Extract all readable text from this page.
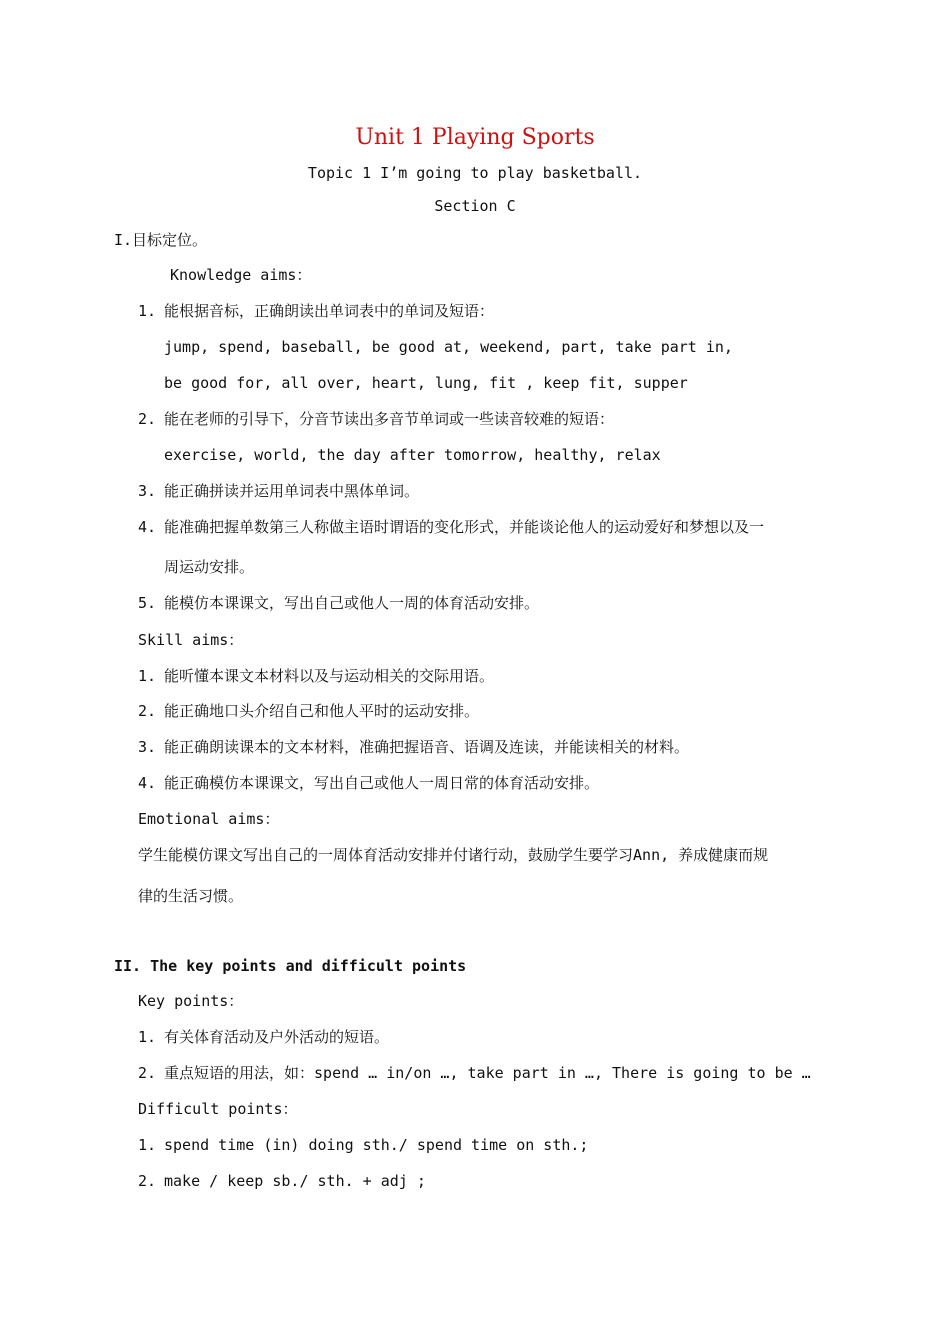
Unit 1 Playing Sports
Topic 1 I’m going to play basketball.
Section C
I.目标定位。
Knowledge aims：
1. 能根据音标，正确朗读出单词表中的单词及短语：
jump, spend, baseball, be good at, weekend, part, take part in,
be good for, all over, heart, lung, fit , keep fit, supper
2. 能在老师的引导下，分音节读出多音节单词或一些读音较难的短语：
exercise, world, the day after tomorrow, healthy, relax
3. 能正确拼读并运用单词表中黑体单词。
4. 能准确把握单数第三人称做主语时谓语的变化形式，并能谈论他人的运动爱好和梦想以及一
周运动安排。
5. 能模仿本课课文，写出自己或他人一周的体育活动安排。
Skill aims：
1. 能听懂本课文本材料以及与运动相关的交际用语。
2. 能正确地口头介绍自己和他人平时的运动安排。
3. 能正确朗读课本的文本材料，准确把握语音、语调及连读，并能读相关的材料。
4. 能正确模仿本课课文，写出自己或他人一周日常的体育活动安排。
Emotional aims：
学生能模仿课文写出自己的一周体育活动安排并付诸行动，鼓励学生要学习Ann, 养成健康而规
律的生活习惯。
II. The key points and difficult points
Key points：
1. 有关体育活动及户外活动的短语。
2. 重点短语的用法，如：spend … in/on …, take part in …, There is going to be …
Difficult points：
1. spend time (in) doing sth./ spend time on sth.;
2. make / keep sb./ sth. + adj ;
